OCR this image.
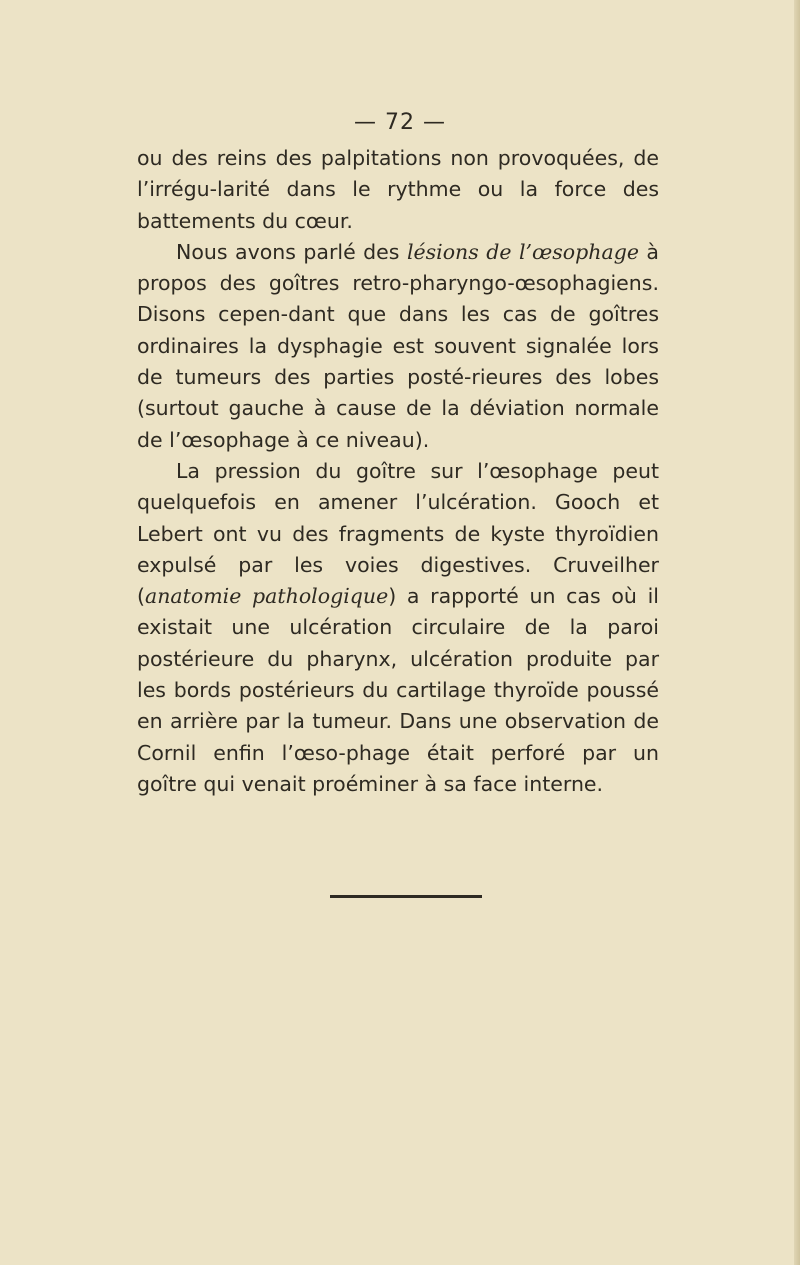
— 72 —

ou des reins des palpitations non provoquées, de l’irrégu-larité dans le rythme ou la force des battements du cœur.

Nous avons parlé des lésions de l’œsophage à propos des goîtres retro-pharyngo-œsophagiens. Disons cepen-dant que dans les cas de goîtres ordinaires la dysphagie est souvent signalée lors de tumeurs des parties posté-rieures des lobes (surtout gauche à cause de la déviation normale de l’œsophage à ce niveau).

La pression du goître sur l’œsophage peut quelquefois en amener l’ulcération. Gooch et Lebert ont vu des fragments de kyste thyroïdien expulsé par les voies digestives. Cruveilher (anatomie pathologique) a rapporté un cas où il existait une ulcération circulaire de la paroi postérieure du pharynx, ulcération produite par les bords postérieurs du cartilage thyroïde poussé en arrière par la tumeur. Dans une observation de Cornil enfin l’œso-phage était perforé par un goître qui venait proéminer à sa face interne.
